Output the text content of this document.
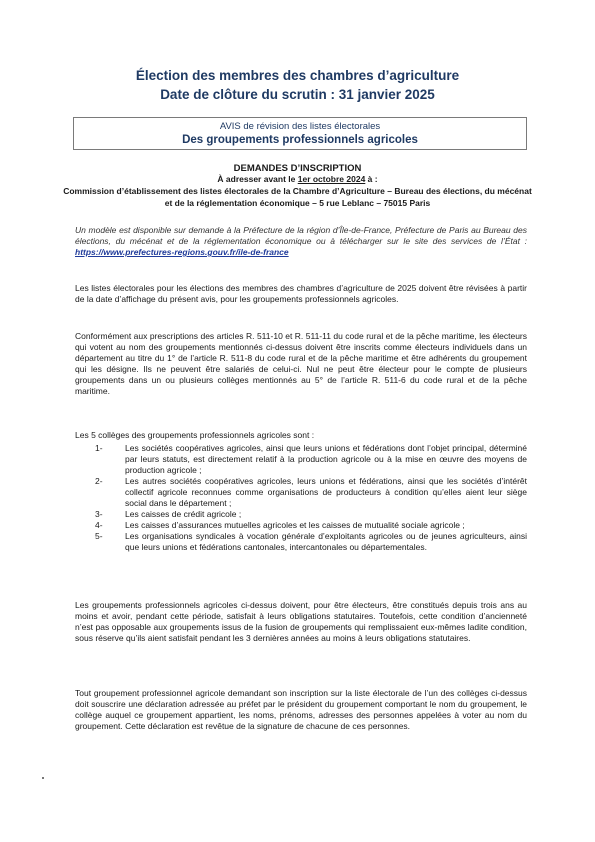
Élection des membres des chambres d’agriculture
Date de clôture du scrutin : 31 janvier 2025
AVIS de révision des listes électorales
Des groupements professionnels agricoles
DEMANDES D’INSCRIPTION
À adresser avant le 1er octobre 2024 à :
Commission d’établissement des listes électorales de la Chambre d’Agriculture – Bureau des élections, du mécénat et de la réglementation économique – 5 rue Leblanc – 75015 Paris
Un modèle est disponible sur demande à la Préfecture de la région d’Île-de-France, Préfecture de Paris au Bureau des élections, du mécénat et de la réglementation économique ou à télécharger sur le site des services de l’État : https://www.prefectures-regions.gouv.fr/ile-de-france
Les listes électorales pour les élections des membres des chambres d’agriculture de 2025 doivent être révisées à partir de la date d’affichage du présent avis, pour les groupements professionnels agricoles.
Conformément aux prescriptions des articles R. 511-10 et R. 511-11 du code rural et de la pêche maritime, les électeurs qui votent au nom des groupements mentionnés ci-dessus doivent être inscrits comme électeurs individuels dans un département au titre du 1° de l’article R. 511-8 du code rural et de la pêche maritime et être adhérents du groupement qui les désigne. Ils ne peuvent être salariés de celui-ci. Nul ne peut être électeur pour le compte de plusieurs groupements dans un ou plusieurs collèges mentionnés au 5° de l’article R. 511-6 du code rural et de la pêche maritime.
Les 5 collèges des groupements professionnels agricoles sont :
1-	Les sociétés coopératives agricoles, ainsi que leurs unions et fédérations dont l’objet principal, déterminé par leurs statuts, est directement relatif à la production agricole ou à la mise en œuvre des moyens de production agricole ;
2-	Les autres sociétés coopératives agricoles, leurs unions et fédérations, ainsi que les sociétés d’intérêt collectif agricole reconnues comme organisations de producteurs à condition qu’elles aient leur siège social dans le département ;
3-	Les caisses de crédit agricole ;
4-	Les caisses d’assurances mutuelles agricoles et les caisses de mutualité sociale agricole ;
5-	Les organisations syndicales à vocation générale d’exploitants agricoles ou de jeunes agriculteurs, ainsi que leurs unions et fédérations cantonales, intercantonales ou départementales.
Les groupements professionnels agricoles ci-dessus doivent, pour être électeurs, être constitués depuis trois ans au moins et avoir, pendant cette période, satisfait à leurs obligations statutaires. Toutefois, cette condition d’ancienneté n’est pas opposable aux groupements issus de la fusion de groupements qui remplissaient eux-mêmes ladite condition, sous réserve qu’ils aient satisfait pendant les 3 dernières années au moins à leurs obligations statutaires.
Tout groupement professionnel agricole demandant son inscription sur la liste électorale de l’un des collèges ci-dessus doit souscrire une déclaration adressée au préfet par le président du groupement comportant le nom du groupement, le collège auquel ce groupement appartient, les noms, prénoms, adresses des personnes appelées à voter au nom du groupement. Cette déclaration est revêtue de la signature de chacune de ces personnes.
